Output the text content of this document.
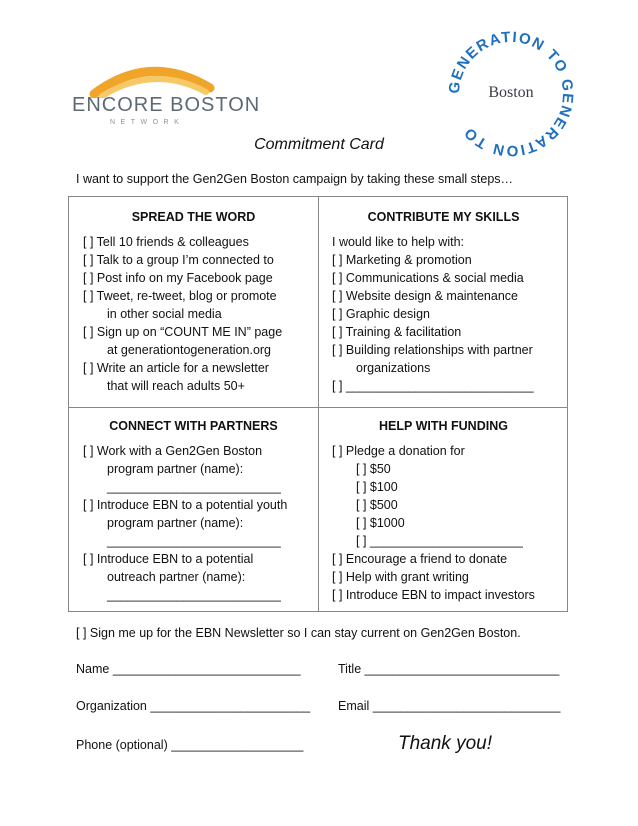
ENCORE BOSTON
NETWORK
GENERATION TO GENERATION TO
Boston
Commitment Card
I want to support the Gen2Gen Boston campaign by taking these small steps…
SPREAD THE WORD
[ ] Tell 10 friends & colleagues
[ ] Talk to a group I’m connected to
[ ] Post info on my Facebook page
[ ] Tweet, re-tweet, blog or promote
in other social media
[ ] Sign up on “COUNT ME IN” page
at generationtogeneration.org
[ ] Write an article for a newsletter
that will reach adults 50+
CONTRIBUTE MY SKILLS
I would like to help with:
[ ] Marketing & promotion
[ ] Communications & social media
[ ] Website design & maintenance
[ ] Graphic design
[ ] Training & facilitation
[ ] Building relationships with partner
organizations
[ ] ___________________________
CONNECT WITH PARTNERS
[ ] Work with a Gen2Gen Boston
program partner (name):
_________________________
[ ] Introduce EBN to a potential youth
program partner (name):
_________________________
[ ] Introduce EBN to a potential
outreach partner (name):
_________________________
HELP WITH FUNDING
[ ] Pledge a donation for
[ ] $50
[ ] $100
[ ] $500
[ ] $1000
[ ] ______________________
[ ] Encourage a friend to donate
[ ] Help with grant writing
[ ] Introduce EBN to impact investors
[ ] Sign me up for the EBN Newsletter so I can stay current on Gen2Gen Boston.
Name ___________________________	Title ____________________________
Organization _______________________ Email ___________________________
Phone (optional) ___________________	Thank you!
